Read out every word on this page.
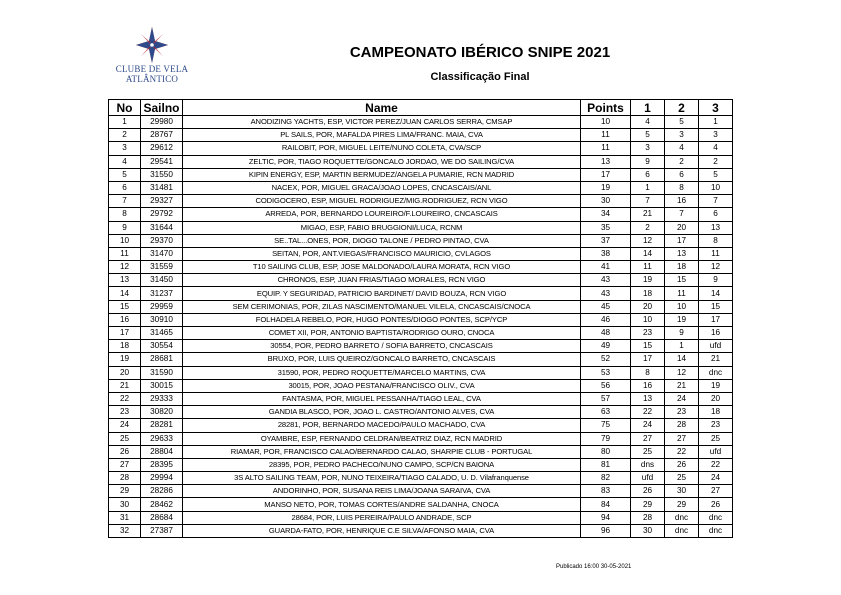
CLUBE DE VELA
ATLÂNTICO
CAMPEONATO IBÉRICO SNIPE 2021
Classificação Final
No	Sailno	Name	Points	1	2	3
1	29980	ANODIZING YACHTS, ESP, VICTOR PEREZ/JUAN CARLOS SERRA, CMSAP	10	4	5	1
2	28767	PL SAILS, POR, MAFALDA PIRES LIMA/FRANC. MAIA, CVA	11	5	3	3
3	29612	RAILOBIT, POR, MIGUEL LEITE/NUNO COLETA, CVA/SCP	11	3	4	4
4	29541	ZELTIC, POR, TIAGO ROQUETTE/GONCALO JORDAO, WE DO SAILING/CVA	13	9	2	2
5	31550	KIPIN ENERGY, ESP, MARTIN BERMUDEZ/ANGELA PUMARIE, RCN MADRID	17	6	6	5
6	31481	NACEX, POR, MIGUEL GRACA/JOAO LOPES, CNCASCAIS/ANL	19	1	8	10
7	29327	CODIGOCERO, ESP, MIGUEL RODRIGUEZ/MIG.RODRIGUEZ, RCN VIGO	30	7	16	7
8	29792	ARREDA, POR, BERNARDO LOUREIRO/F.LOUREIRO, CNCASCAIS	34	21	7	6
9	31644	MIGAO, ESP, FABIO BRUGGIONI/LUCA, RCNM	35	2	20	13
10	29370	SE..TAL...ONES, POR, DIOGO TALONE / PEDRO PINTAO, CVA	37	12	17	8
11	31470	SEITAN, POR, ANT.VIEGAS/FRANCISCO MAURICIO, CVLAGOS	38	14	13	11
12	31559	T10 SAILING CLUB, ESP, JOSE MALDONADO/LAURA MORATA, RCN VIGO	41	11	18	12
13	31450	CHRONOS, ESP, JUAN FRIAS/TIAGO MORALES, RCN VIGO	43	19	15	9
14	31237	EQUIP. Y SEGURIDAD, PATRICIO BARDINET/ DAVID BOUZA, RCN VIGO	43	18	11	14
15	29959	SEM CERIMONIAS, POR, ZILAS NASCIMENTO/MANUEL VILELA, CNCASCAIS/CNOCA	45	20	10	15
16	30910	FOLHADELA REBELO, POR, HUGO PONTES/DIOGO PONTES, SCP/YCP	46	10	19	17
17	31465	COMET XII, POR, ANTONIO BAPTISTA/RODRIGO OURO, CNOCA	48	23	9	16
18	30554	30554, POR, PEDRO BARRETO / SOFIA BARRETO, CNCASCAIS	49	15	1	ufd
19	28681	BRUXO, POR, LUIS QUEIROZ/GONCALO BARRETO, CNCASCAIS	52	17	14	21
20	31590	31590, POR, PEDRO ROQUETTE/MARCELO MARTINS, CVA	53	8	12	dnc
21	30015	30015, POR, JOAO PESTANA/FRANCISCO OLIV., CVA	56	16	21	19
22	29333	FANTASMA, POR, MIGUEL PESSANHA/TIAGO LEAL, CVA	57	13	24	20
23	30820	GANDIA BLASCO, POR, JOAO L. CASTRO/ANTONIO ALVES, CVA	63	22	23	18
24	28281	28281, POR, BERNARDO MACEDO/PAULO MACHADO, CVA	75	24	28	23
25	29633	OYAMBRE, ESP, FERNANDO CELDRAN/BEATRIZ DIAZ, RCN MADRID	79	27	27	25
26	28804	RIAMAR, POR, FRANCISCO CALAO/BERNARDO CALAO, SHARPIE CLUB - PORTUGAL	80	25	22	ufd
27	28395	28395, POR, PEDRO PACHECO/NUNO CAMPO, SCP/CN BAIONA	81	dns	26	22
28	29994	3S ALTO SAILING TEAM, POR, NUNO TEIXEIRA/TIAGO CALADO, U. D. Vilafranquense	82	ufd	25	24
29	28286	ANDORINHO, POR, SUSANA REIS LIMA/JOANA SARAIVA, CVA	83	26	30	27
30	28462	MANSO NETO, POR, TOMAS CORTES/ANDRE SALDANHA, CNOCA	84	29	29	26
31	28684	28684, POR, LUIS PEREIRA/PAULO ANDRADE, SCP	94	28	dnc	dnc
32	27387	GUARDA-FATO, POR, HENRIQUE C.E SILVA/AFONSO MAIA, CVA	96	30	dnc	dnc
Publicado 16:00 30-05-2021
